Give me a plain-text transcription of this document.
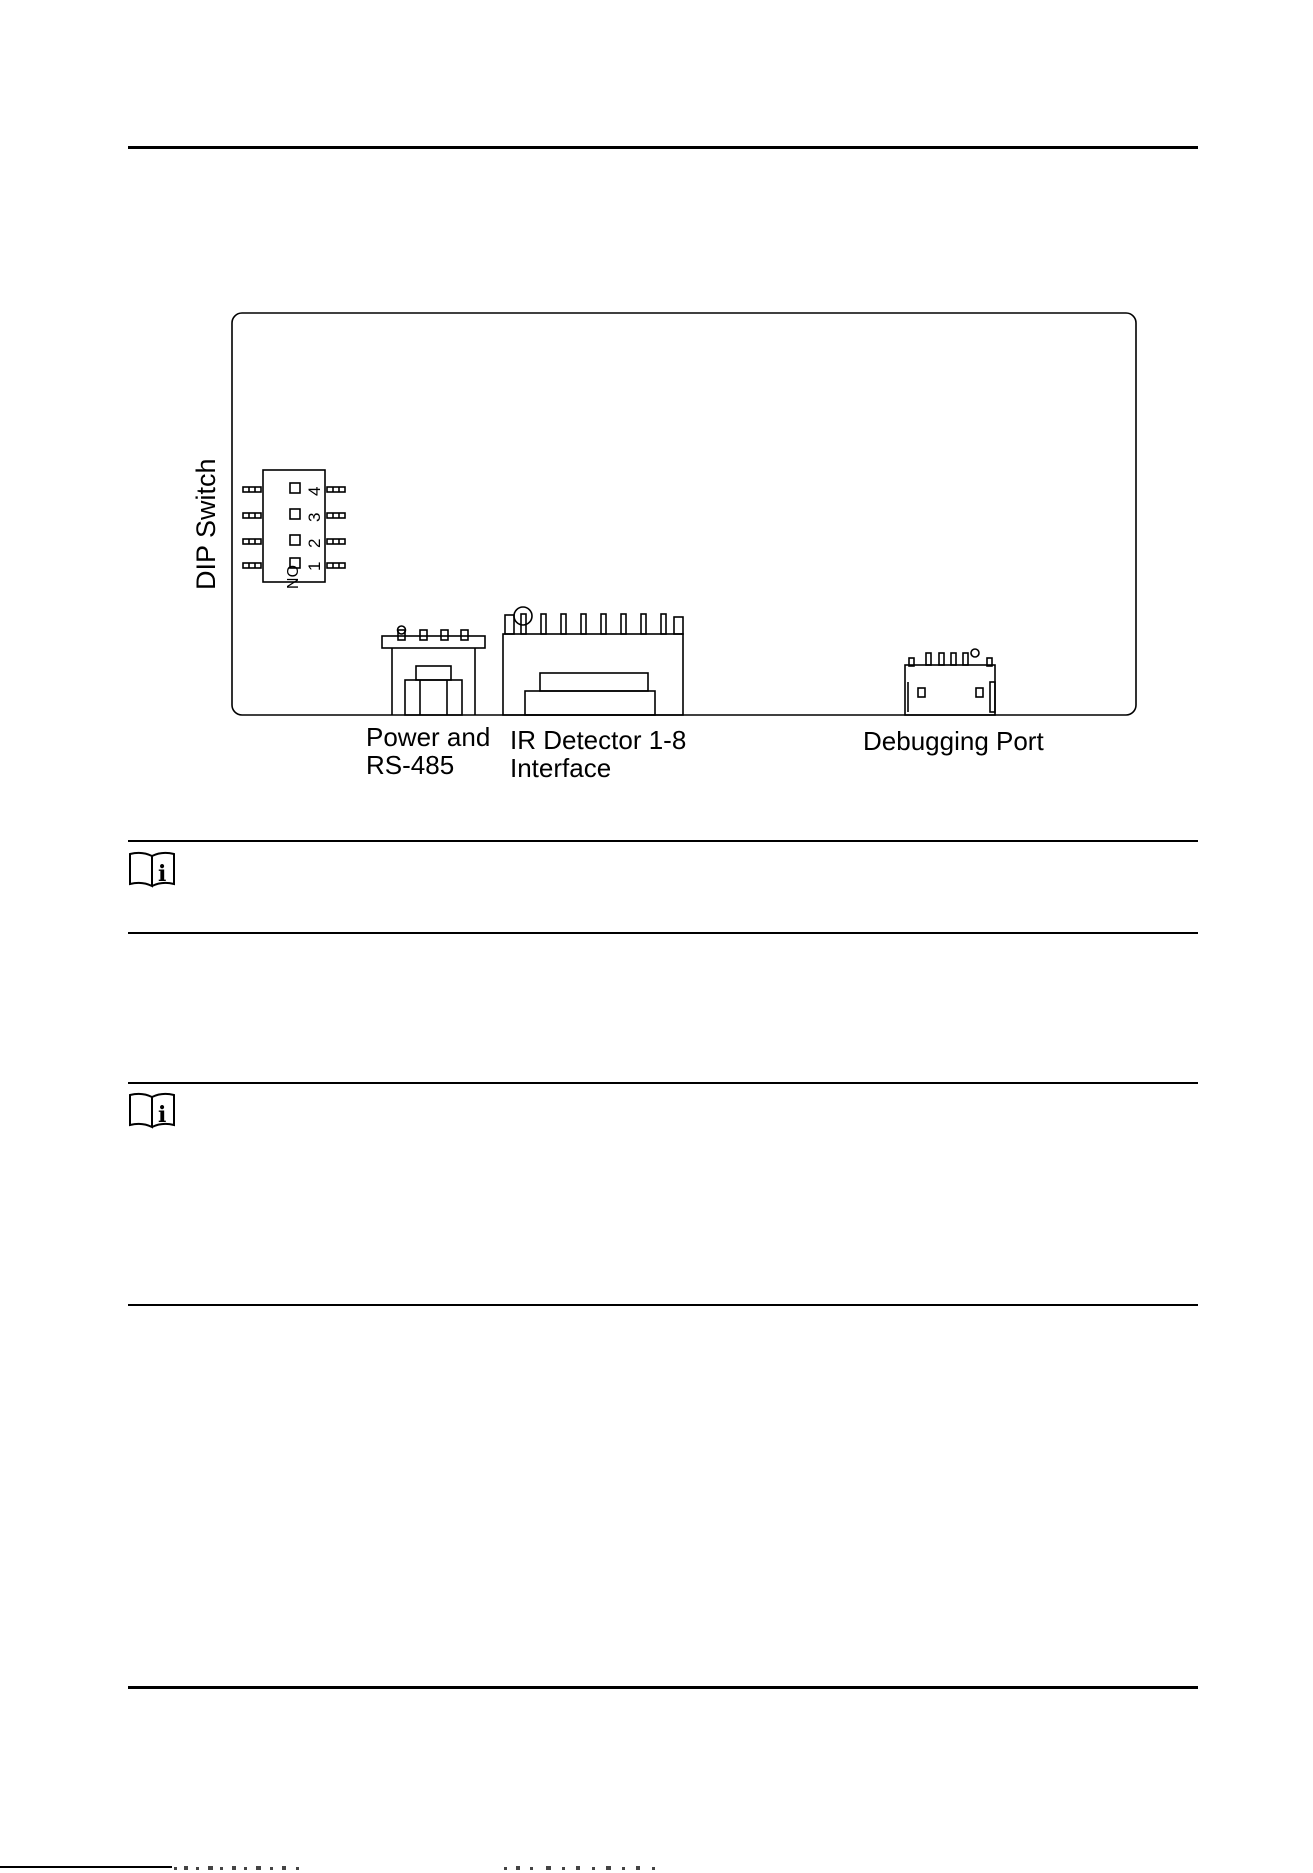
DIP Switch	4
3
2
1
ON
Power and
RS-485
IR Detector 1-8
Interface
Debugging Port
i
i
